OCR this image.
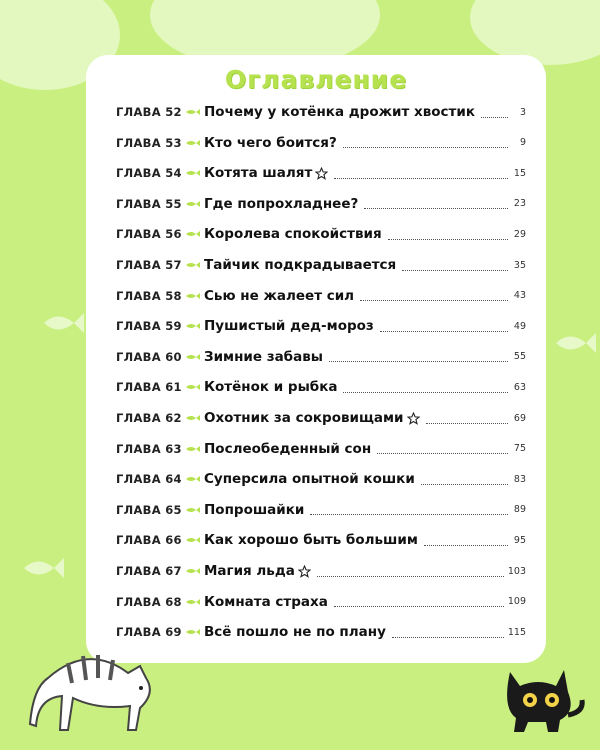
Оглавление
ГЛАВА 52 Почему у котёнка дрожит хвостик	3
ГЛАВА 53 Кто чего боится?	9
ГЛАВА 54 Котята шалят	15
ГЛАВА 55 Где попрохладнее?	23
ГЛАВА 56 Королева спокойствия	29
ГЛАВА 57 Тайчик подкрадывается	35
ГЛАВА 58 Сью не жалеет сил	43
ГЛАВА 59 Пушистый дед-мороз	49
ГЛАВА 60 Зимние забавы	55
ГЛАВА 61 Котёнок и рыбка	63
ГЛАВА 62 Охотник за сокровищами	69
ГЛАВА 63 Послеобеденный сон	75
ГЛАВА 64 Суперсила опытной кошки	83
ГЛАВА 65 Попрошайки	89
ГЛАВА 66 Как хорошо быть большим	95
ГЛАВА 67 Магия льда	103
ГЛАВА 68 Комната страха	109
ГЛАВА 69 Всё пошло не по плану	115
